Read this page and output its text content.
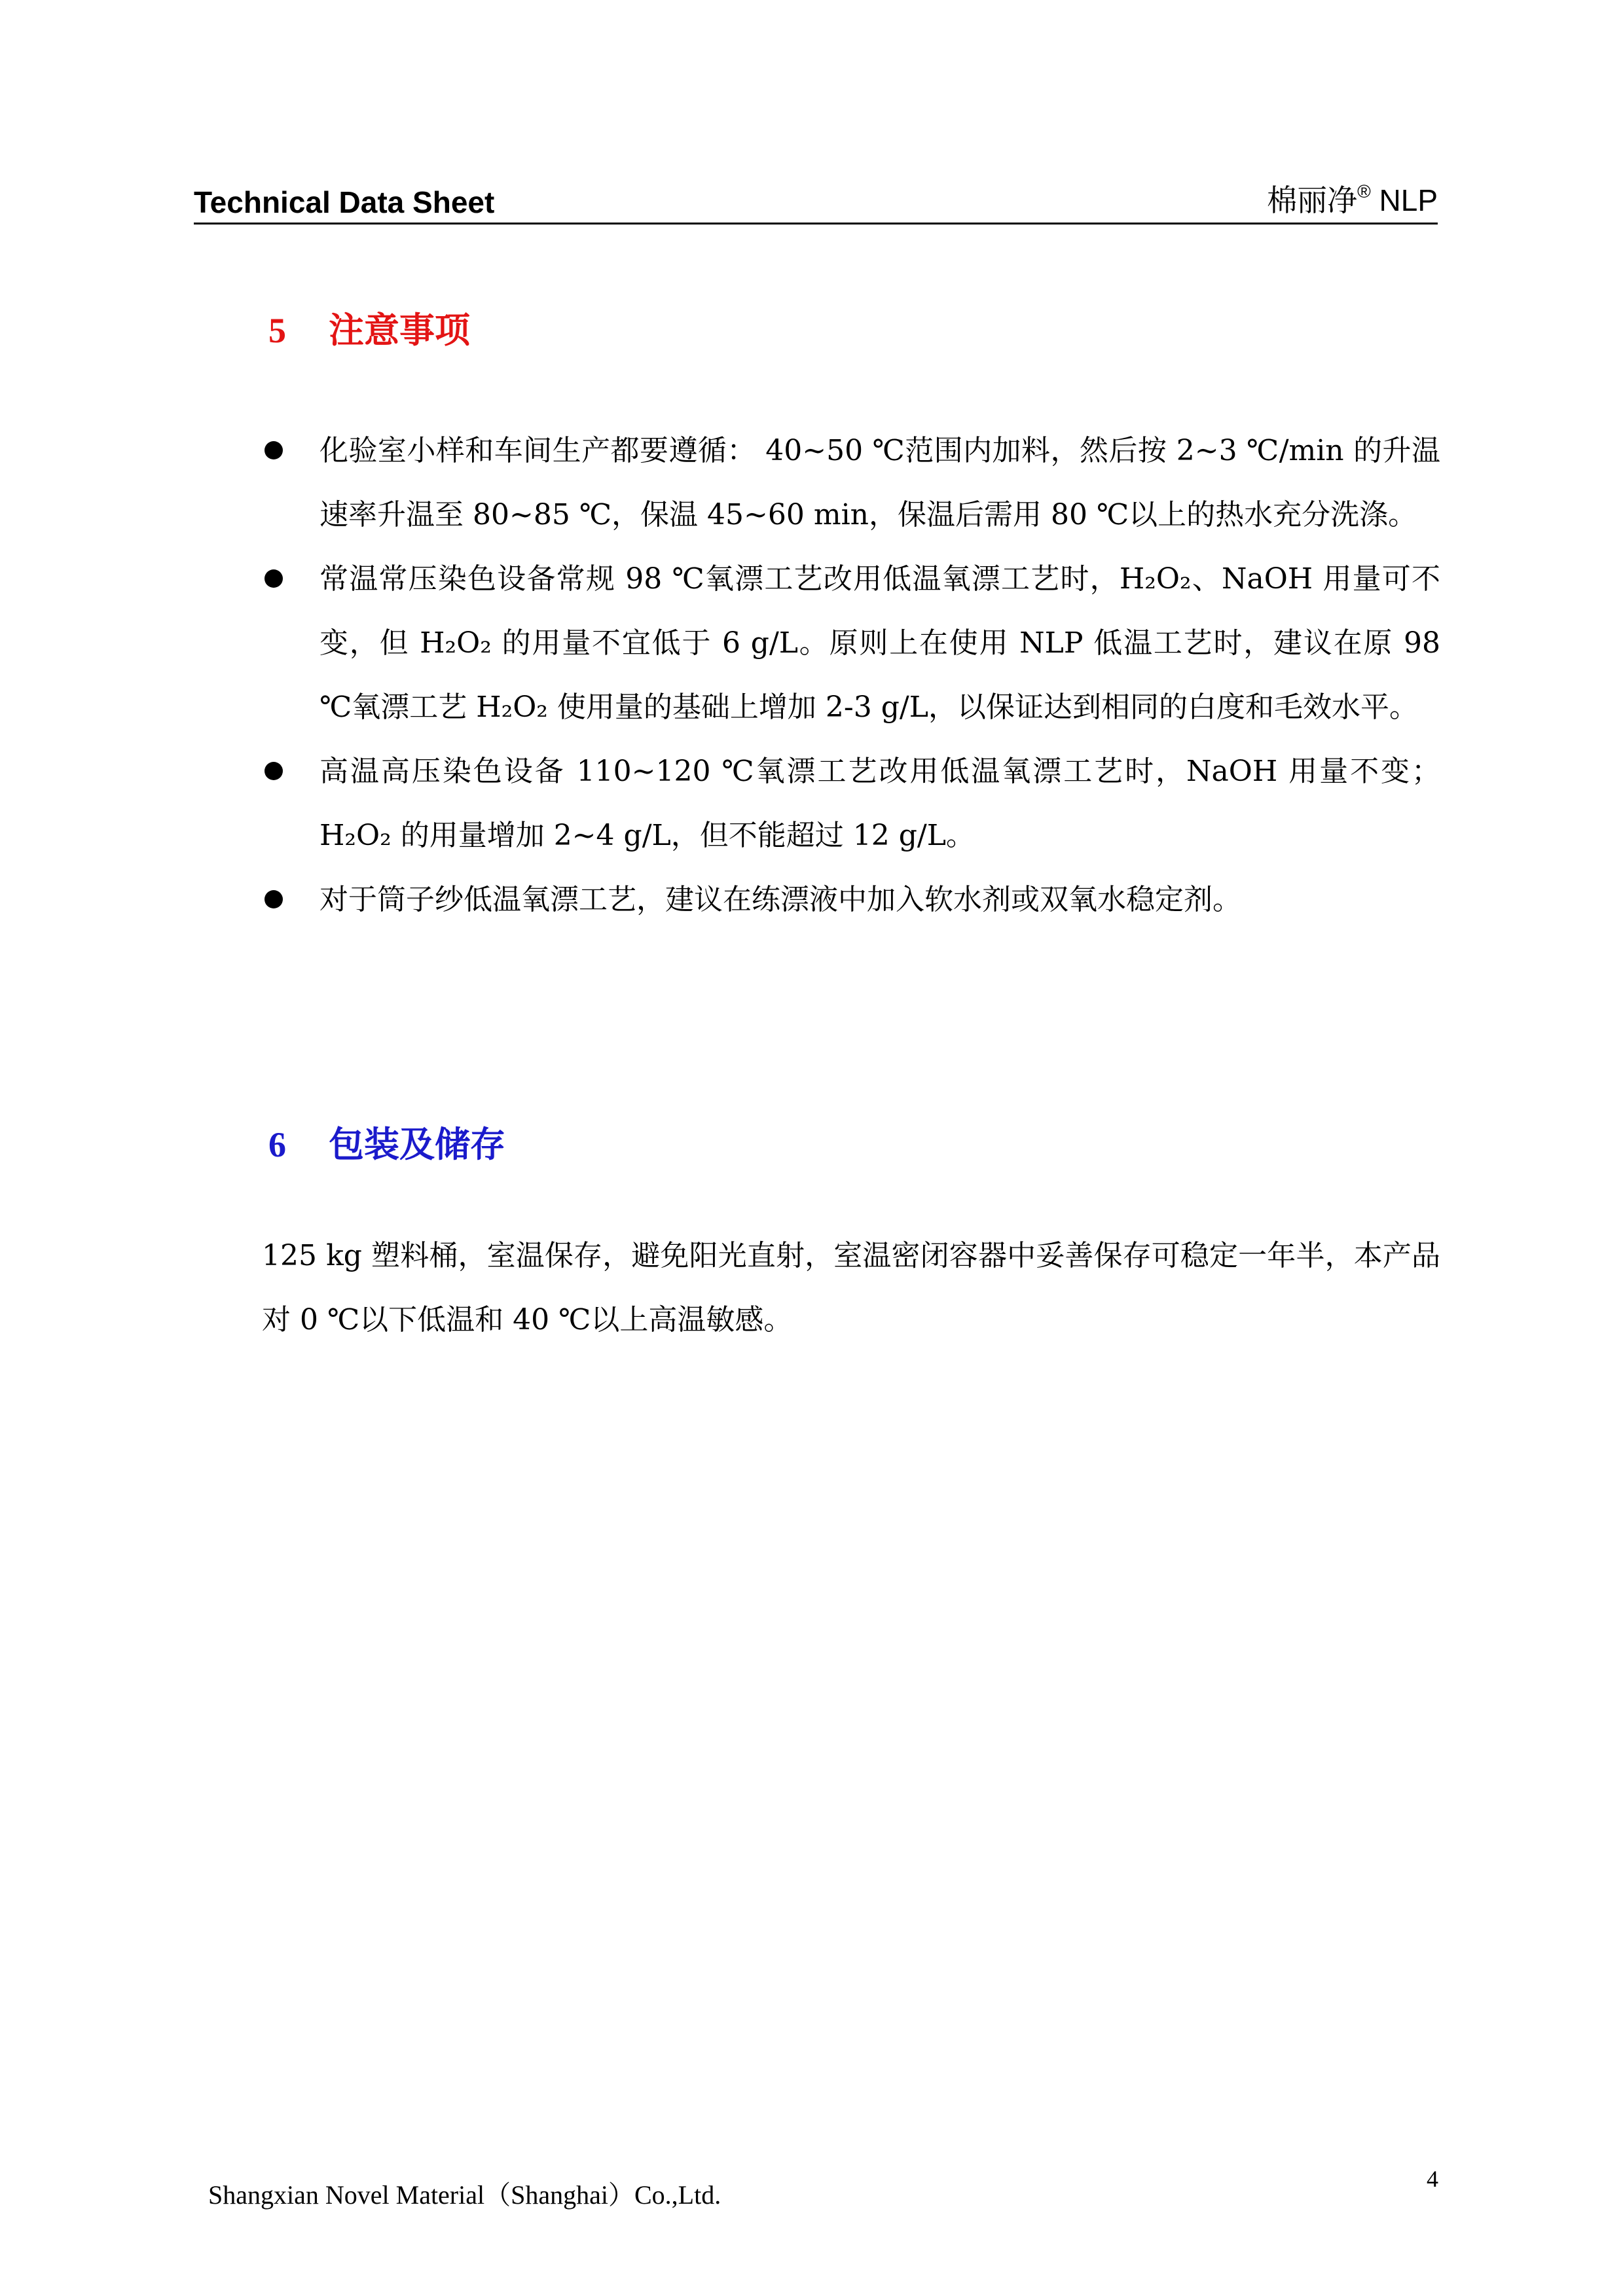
Technical Data Sheet	棉丽净® NLP
5 注意事项
化验室小样和车间生产都要遵循： 40~50 ℃范围内加料，然后按 2~3 ℃/min 的升温速率升温至 80~85 ℃，保温 45~60 min，保温后需用 80 ℃以上的热水充分洗涤。
常温常压染色设备常规 98 ℃氧漂工艺改用低温氧漂工艺时，H₂O₂、NaOH 用量可不变，但 H₂O₂ 的用量不宜低于 6 g/L。原则上在使用 NLP 低温工艺时，建议在原 98 ℃氧漂工艺 H₂O₂ 使用量的基础上增加 2-3 g/L，以保证达到相同的白度和毛效水平。
高温高压染色设备 110~120 ℃氧漂工艺改用低温氧漂工艺时，NaOH 用量不变；H₂O₂ 的用量增加 2~4 g/L，但不能超过 12 g/L。
对于筒子纱低温氧漂工艺，建议在练漂液中加入软水剂或双氧水稳定剂。
6 包装及储存
125 kg 塑料桶，室温保存，避免阳光直射，室温密闭容器中妥善保存可稳定一年半，本产品对 0 ℃以下低温和 40 ℃以上高温敏感。
Shangxian Novel Material（Shanghai）Co.,Ltd.
4
